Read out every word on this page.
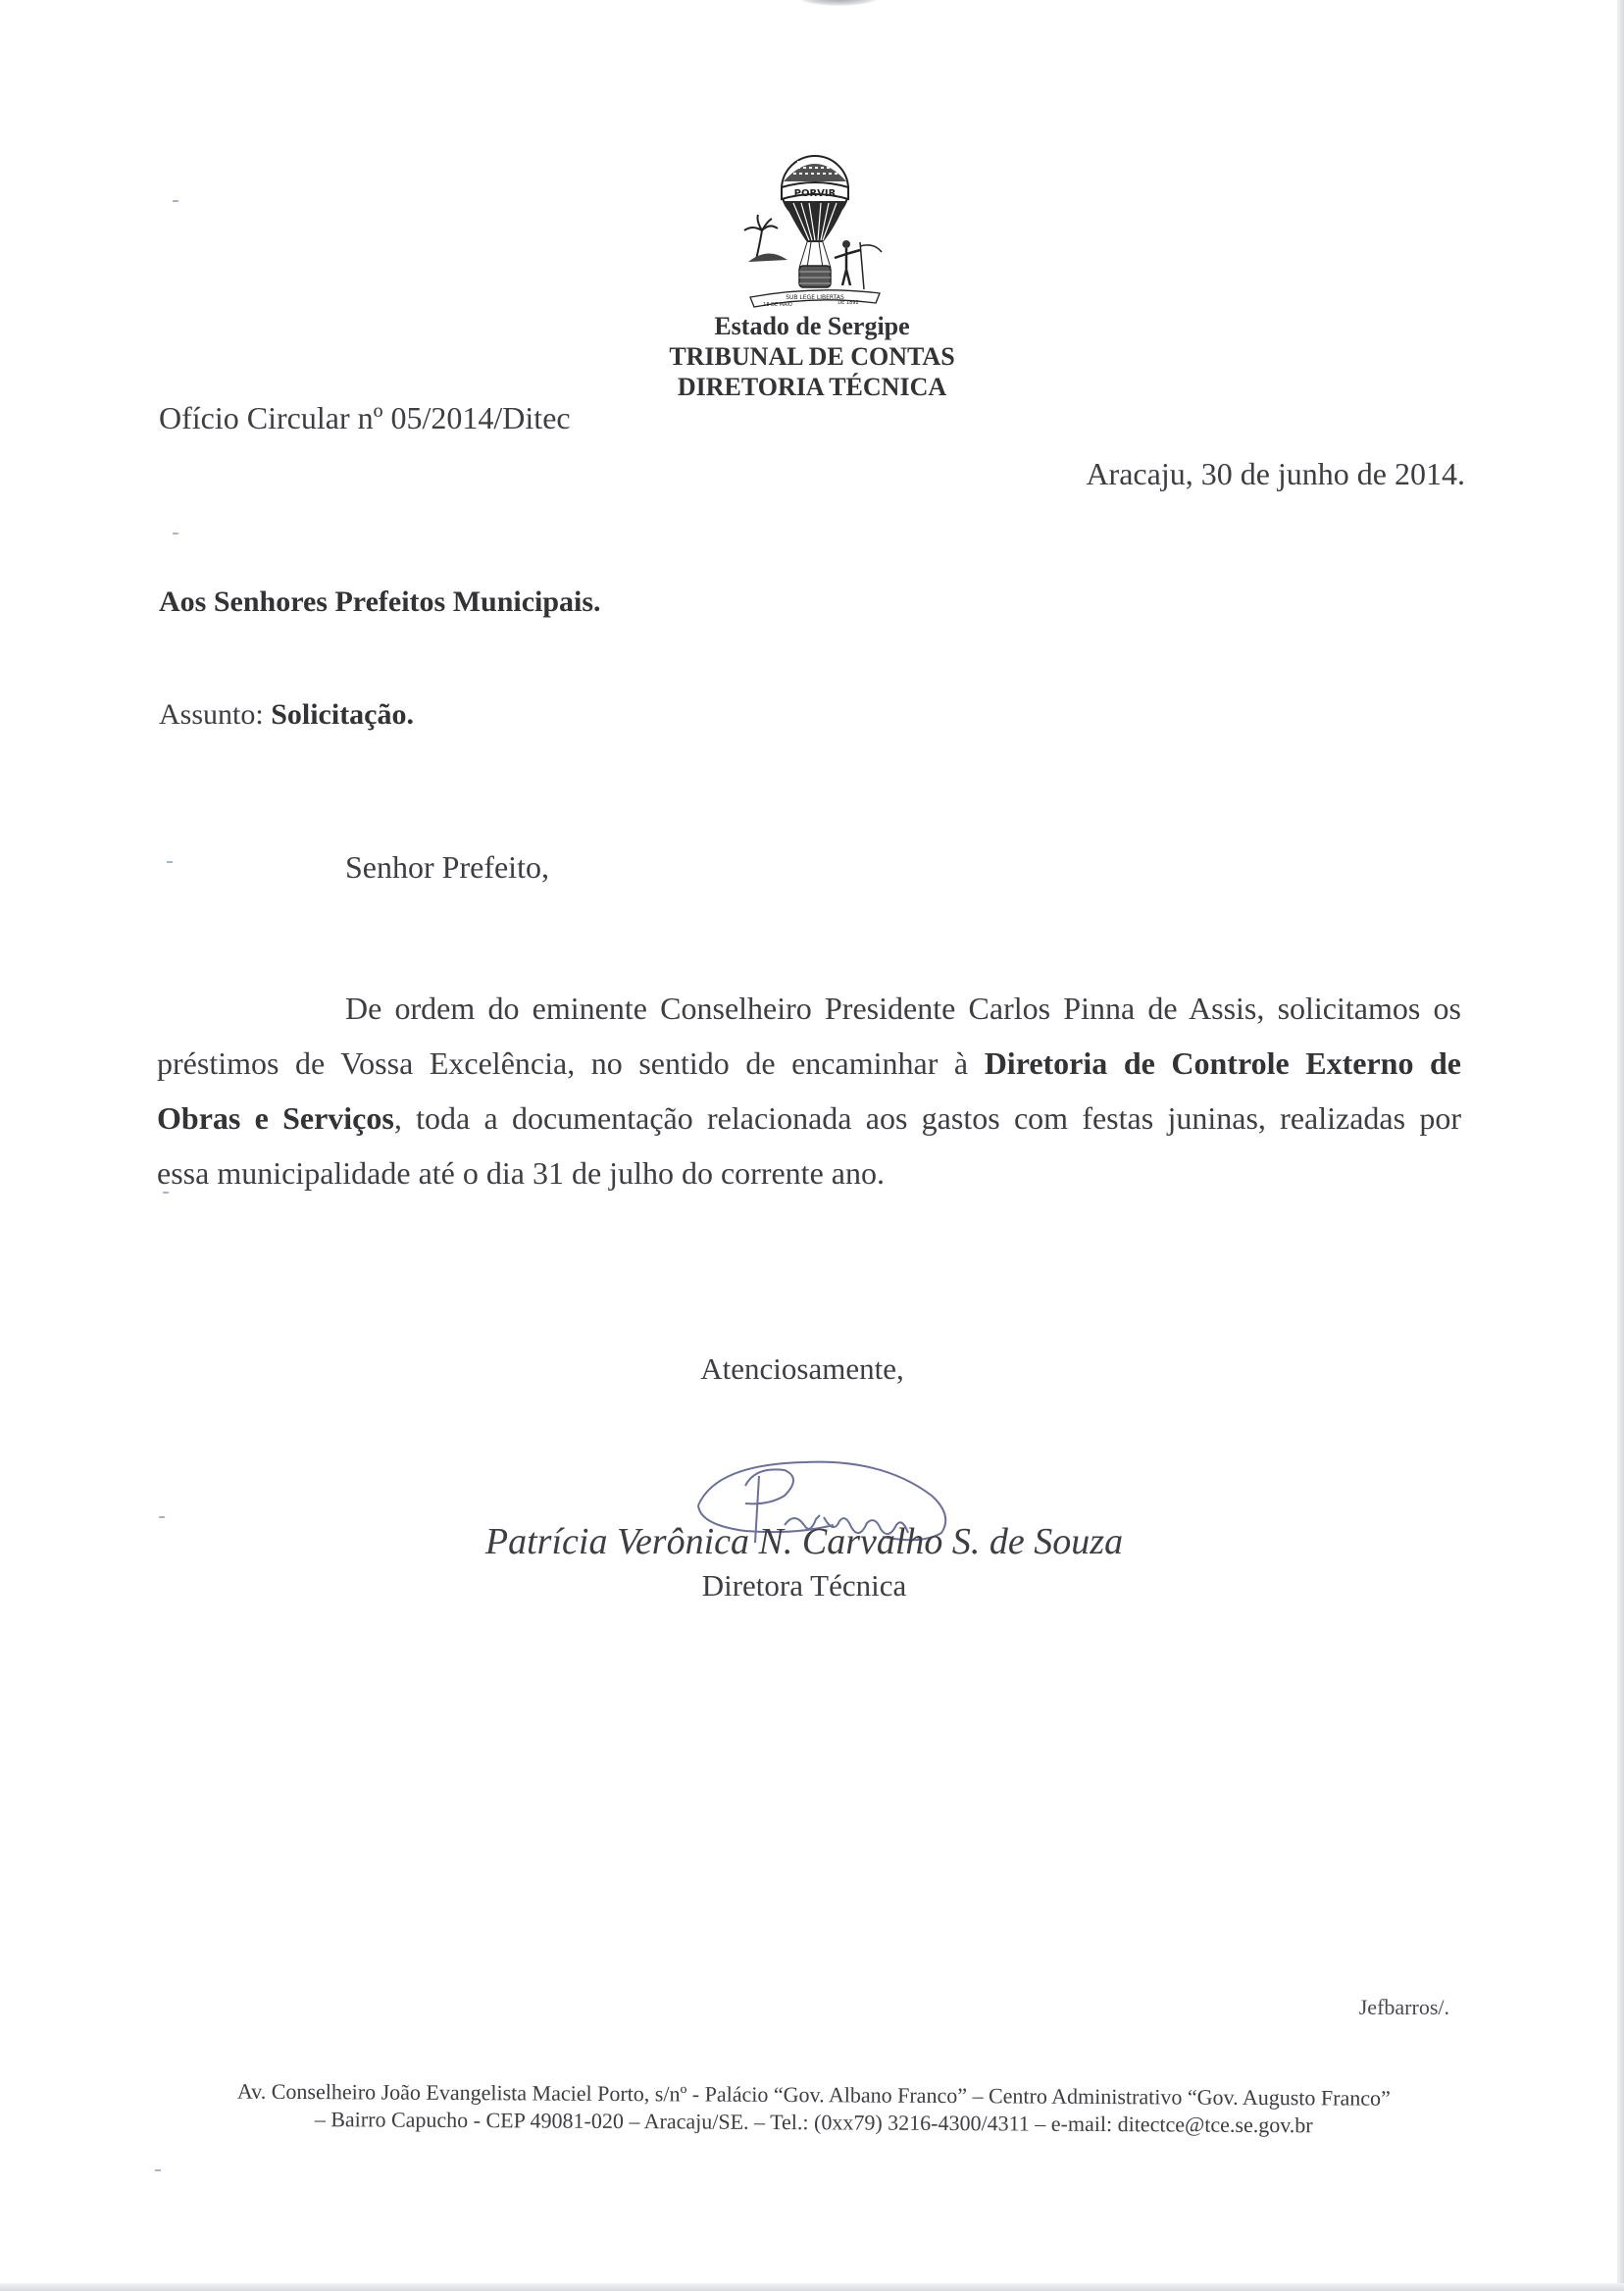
PORVIR
SUB LEGE LIBERTAS
18 DE MAIO	DE 1892
Estado de Sergipe
TRIBUNAL DE CONTAS
DIRETORIA TÉCNICA
Ofício Circular nº 05/2014/Ditec
Aracaju, 30 de junho de 2014.
Aos Senhores Prefeitos Municipais.
Assunto: Solicitação.
Senhor Prefeito,
De ordem do eminente Conselheiro Presidente Carlos Pinna de Assis, solicitamos os
préstimos de Vossa Excelência, no sentido de encaminhar à Diretoria de Controle Externo de
Obras e Serviços, toda a documentação relacionada aos gastos com festas juninas, realizadas por
essa municipalidade até o dia 31 de julho do corrente ano.
Atenciosamente,
Patrícia Verônica N. Carvalho S. de Souza
Diretora Técnica
Jefbarros/.
Av. Conselheiro João Evangelista Maciel Porto, s/nº - Palácio “Gov. Albano Franco” – Centro Administrativo “Gov. Augusto Franco”
– Bairro Capucho - CEP 49081-020 – Aracaju/SE. – Tel.: (0xx79) 3216-4300/4311 – e-mail: ditectce@tce.se.gov.br
